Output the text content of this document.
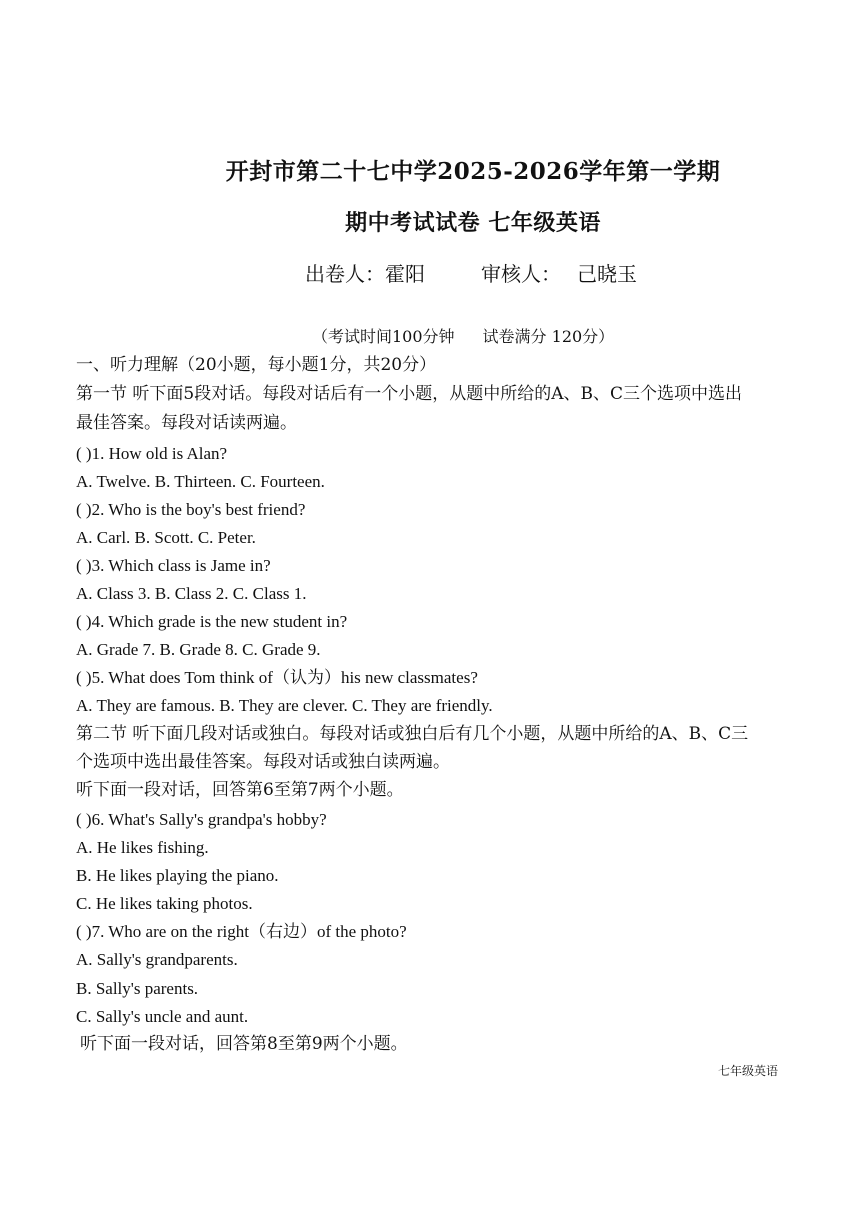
开封市第二十七中学2025-2026学年第一学期
期中考试试卷 七年级英语
出卷人：霍阳	审核人： 己晓玉
（考试时间100分钟 试卷满分 120分）
一、听力理解（20小题，每小题1分，共20分）
第一节 听下面5段对话。每段对话后有一个小题，从题中所给的A、B、C三个选项中选出
最佳答案。每段对话读两遍。
( )1. How old is Alan?
A. Twelve. B. Thirteen. C. Fourteen.
( )2. Who is the boy's best friend?
A. Carl. B. Scott. C. Peter.
( )3. Which class is Jame in?
A. Class 3. B. Class 2. C. Class 1.
( )4. Which grade is the new student in?
A. Grade 7. B. Grade 8. C. Grade 9.
( )5. What does Tom think of（认为）his new classmates?
A. They are famous. B. They are clever. C. They are friendly.
第二节 听下面几段对话或独白。每段对话或独白后有几个小题，从题中所给的A、B、C三
个选项中选出最佳答案。每段对话或独白读两遍。
听下面一段对话，回答第6至第7两个小题。
( )6. What's Sally's grandpa's hobby?
A. He likes fishing.
B. He likes playing the piano.
C. He likes taking photos.
( )7. Who are on the right（右边）of the photo?
A. Sally's grandparents.
B. Sally's parents.
C. Sally's uncle and aunt.
听下面一段对话，回答第8至第9两个小题。
七年级英语
